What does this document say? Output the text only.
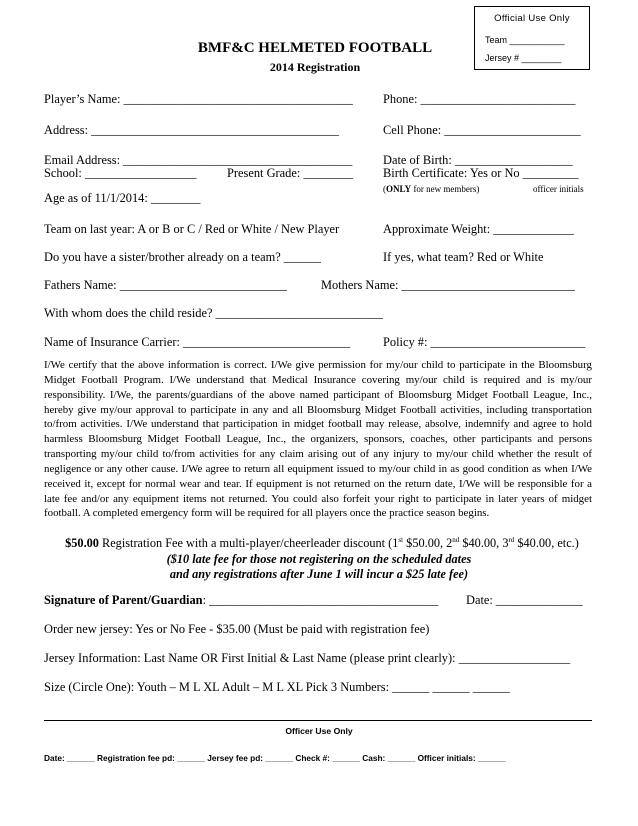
Official Use Only
Team ___________
Jersey # ________
BMF&C HELMETED FOOTBALL
2014 Registration
Player’s Name: _____________________________________ Phone: _________________________
Address: ________________________________________	Cell Phone: ______________________
Email Address: _____________________________________ Date of Birth: ___________________
School: __________________ Present Grade: ________ Birth Certificate: Yes or No _________
(ONLY for new members)	officer initials
Age as of 11/1/2014: ________
Team on last year: A or B or C / Red or White / New Player	Approximate Weight: _____________
Do you have a sister/brother already on a team? ______	If yes, what team? Red or White
Fathers Name: ___________________________	Mothers Name: ____________________________
With whom does the child reside? ___________________________
Name of Insurance Carrier: ___________________________	Policy #: _________________________
I/We certify that the above information is correct. I/We give permission for my/our child to participate in the Bloomsburg Midget Football Program. I/We understand that Medical Insurance covering my/our child is required and is my/our responsibility. I/We, the parents/guardians of the above named participant of Bloomsburg Midget Football League, Inc., hereby give my/our approval to participate in any and all Bloomsburg Midget Football activities, including transportation to/from activities. I/We understand that participation in midget football may release, absolve, indemnify and agree to hold harmless Bloomsburg Midget Football League, Inc., the organizers, sponsors, coaches, other participants and persons transporting my/our child to/from activities for any claim arising out of any injury to my/our child whether the result of negligence or any other cause. I/We agree to return all equipment issued to my/our child in as good condition as when I/We received it, except for normal wear and tear. If equipment is not returned on the return date, I/We will be responsible for a late fee and/or any equipment items not returned. You could also forfeit your right to participate in later years of midget football. A completed emergency form will be required for all players once the practice season begins.
$50.00 Registration Fee with a multi-player/cheerleader discount (1st $50.00, 2nd $40.00, 3rd $40.00, etc.)
($10 late fee for those not registering on the scheduled dates
and any registrations after June 1 will incur a $25 late fee)
Signature of Parent/Guardian: _____________________________________ Date: ______________
Order new jersey: Yes or No Fee - $35.00 (Must be paid with registration fee)
Jersey Information: Last Name OR First Initial & Last Name (please print clearly): __________________
Size (Circle One): Youth – M L XL Adult – M L XL Pick 3 Numbers: ______ ______ ______
Officer Use Only
Date: ______ Registration fee pd: ______ Jersey fee pd: ______ Check #: ______ Cash: ______ Officer initials: ______
